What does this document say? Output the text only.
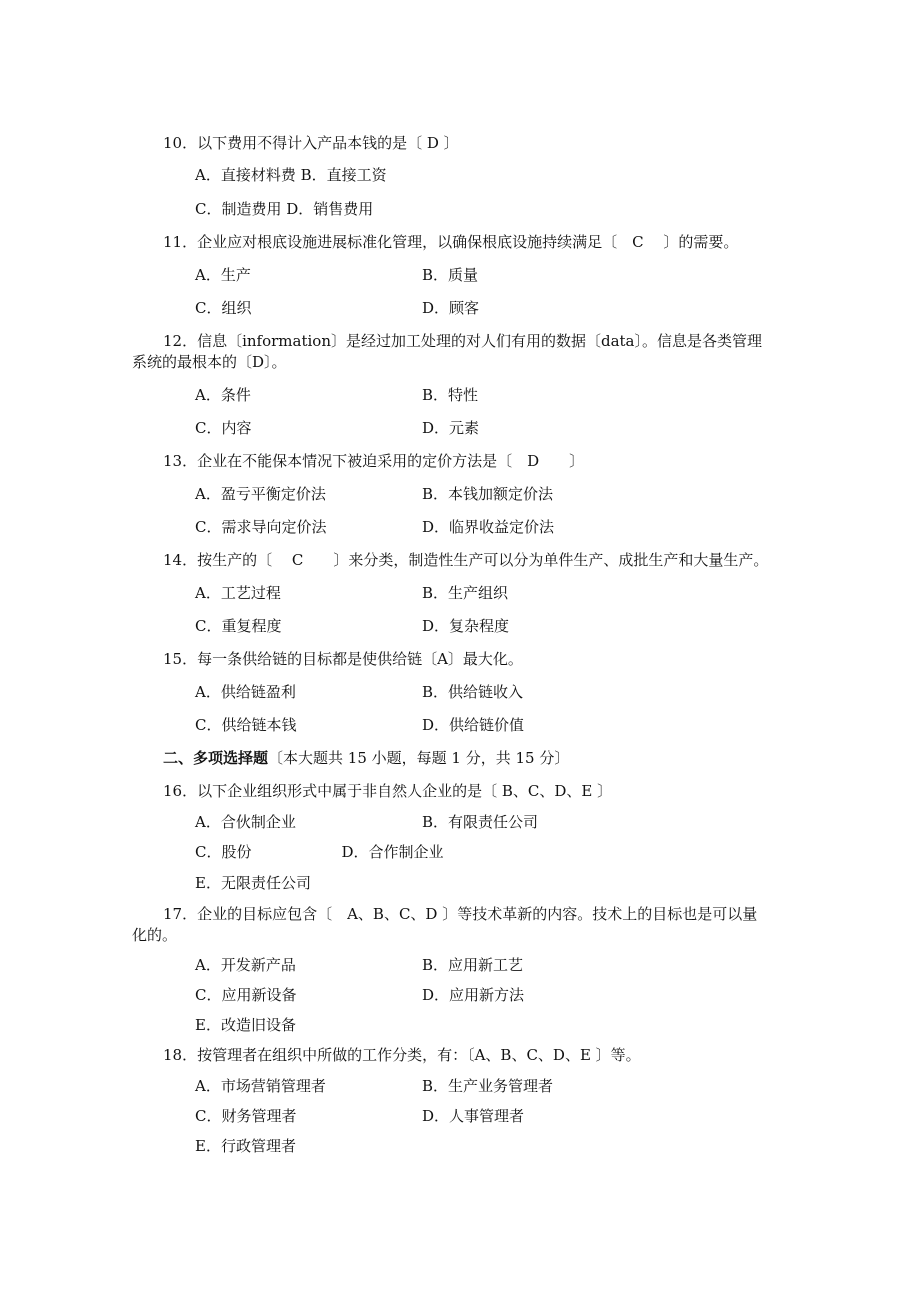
10．以下费用不得计入产品本钱的是〔 D 〕
A．直接材料费 B．直接工资
C．制造费用 D．销售费用
11．企业应对根底设施进展标准化管理，以确保根底设施持续满足〔　C　 〕的需要。
A．生产	B．质量
C．组织	D．顾客
12．信息〔information〕是经过加工处理的对人们有用的数据〔data〕。信息是各类管理
系统的最根本的〔D〕。
A．条件	B．特性
C．内容	D．元素
13．企业在不能保本情况下被迫采用的定价方法是〔　D　　〕
A．盈亏平衡定价法	B．本钱加额定价法
C．需求导向定价法	D．临界收益定价法
14．按生产的〔　 C　　〕来分类，制造性生产可以分为单件生产、成批生产和大量生产。
A．工艺过程	B．生产组织
C．重复程度	D．复杂程度
15．每一条供给链的目标都是使供给链〔A〕最大化。
A．供给链盈利	B．供给链收入
C．供给链本钱	D．供给链价值
二、多项选择题〔本大题共 15 小题，每题 1 分，共 15 分〕
16．以下企业组织形式中属于非自然人企业的是〔 B、C、D、E 〕
A．合伙制企业	B．有限责任公司
C．股份　　　　　　D．合作制企业
E．无限责任公司
17．企业的目标应包含〔　A、B、C、D 〕等技术革新的内容。技术上的目标也是可以量
化的。
A．开发新产品	B．应用新工艺
C．应用新设备	D．应用新方法
E．改造旧设备
18．按管理者在组织中所做的工作分类，有：〔A、B、C、D、E 〕等。
A．市场营销管理者	B．生产业务管理者
C．财务管理者	D．人事管理者
E．行政管理者
